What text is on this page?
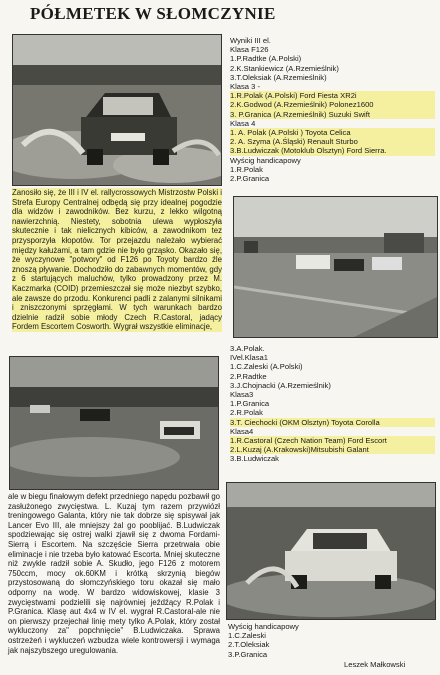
PÓŁMETEK W SŁOMCZYNIE
Wyniki III el.
Klasa F126
1.P.Radtke (A.Polski)
2.K.Stankiewicz (A.Rzemieślnik)
3.T.Oleksiak (A.Rzemieślnik)
Klasa 3 -
1.R.Polak (A.Polski) Ford Fiesta XR2i
2.K.Godwod (A.Rzemieślnik) Polonez1600
3. P.Granica (A.Rzemieślnik) Suzuki Swift
Klasa 4
1. A. Polak (A.Polski ) Toyota Celica
2. A. Szyma (A.Śląski) Renault Sturbo
3.B.Ludwiczak (Motoklub Olsztyn) Ford Sierra.
Wyścig handicapowy
1.R.Polak
2.P.Granica

Zanosiło się, że III i IV el. rallycrossowych Mistrzostw Polski i Strefa Europy Centralnej odbędą się przy idealnej pogodzie dla widzów i zawodników. Bez kurzu, z lekko wilgotną nawierzchnią. Niestety, sobotnia ulewa wypłoszyła skutecznie i tak nielicznych kibiców, a zawodnikom tez przysporzyła kłopotów. Tor przejazdu należało wybierać między kałużami, a tam gdzie nie było grząsko. Okazało się, że wyczynowe "potwory" od F126 po Toyoty bardzo źle znoszą pływanie. Dochodziło do zabawnych momentów, gdy z 6 startujących maluchów, tylko prowadzony przez M. Kaczmarka (COID) przemieszczał się może niezbyt szybko, ale zawsze do przodu. Konkurenci padli z zalanymi silnikami i zniszczonymi sprzęgłami. W tych warunkach bardzo dzielnie radził sobie młody Czech R.Castoral, jadący Fordem Escortem Cosworth. Wygrał wszystkie eliminacje,

3.A.Polak.
IVel.Klasa1
1.C.Zaleski (A.Polski)
2.P.Radtke
3.J.Chojnacki (A.Rzemieślnik)
Klasa3
1.P.Granica
2.R.Polak
3.T. Ciechocki (OKM Olsztyn) Toyota Corolla
Klasa4
1.R.Castoral (Czech Nation Team) Ford Escort
2.L.Kuzaj (A.Krakowski)Mitsubishi Galant
3.B.Ludwiczak

ale w biegu finałowym defekt przedniego napędu pozbawił go zasłużonego zwycięstwa. L. Kuzaj tym razem przywiózł treningowego Galanta, który nie tak dobrze się spisywał jak Lancer Evo III, ale mniejszy żal go pooblijać. B.Ludwiczak spodziewając się ostrej walki zjawił się z dwoma Fordami-Sierrą i Escortem. Na szczęście Sierra przetrwała obie eliminacje i nie trzeba było katować Escorta. Mniej skuteczne niż zwykle radził sobie A. Skudło, jego F126 z motorem 750ccm, mocy ok.60KM i krótką skrzynią biegów przystosowaną do słomczyńskiego toru okazał się mało odporny na wodę. W bardzo widowiskowej, klasie 3 zwycięstwami podzielili się najrówniej jeźdźący R.Polak i P.Granica. Klasę aut 4x4 w IV el. wygrał R.Castoral-ale nie on pierwszy przejechał linię mety tylko A.Polak, który został wykluczony za" popchnięcie" B.Ludwiczaka. Sprawa ostrzeżeń i wykluczeń wzbudza wiele kontrowersji i wymaga jak najszybszego uregulowania.

Wyścig handicapowy
1.C.Zaleski
2.T.Oleksiak
3.P.Granica
Leszek Małkowski
